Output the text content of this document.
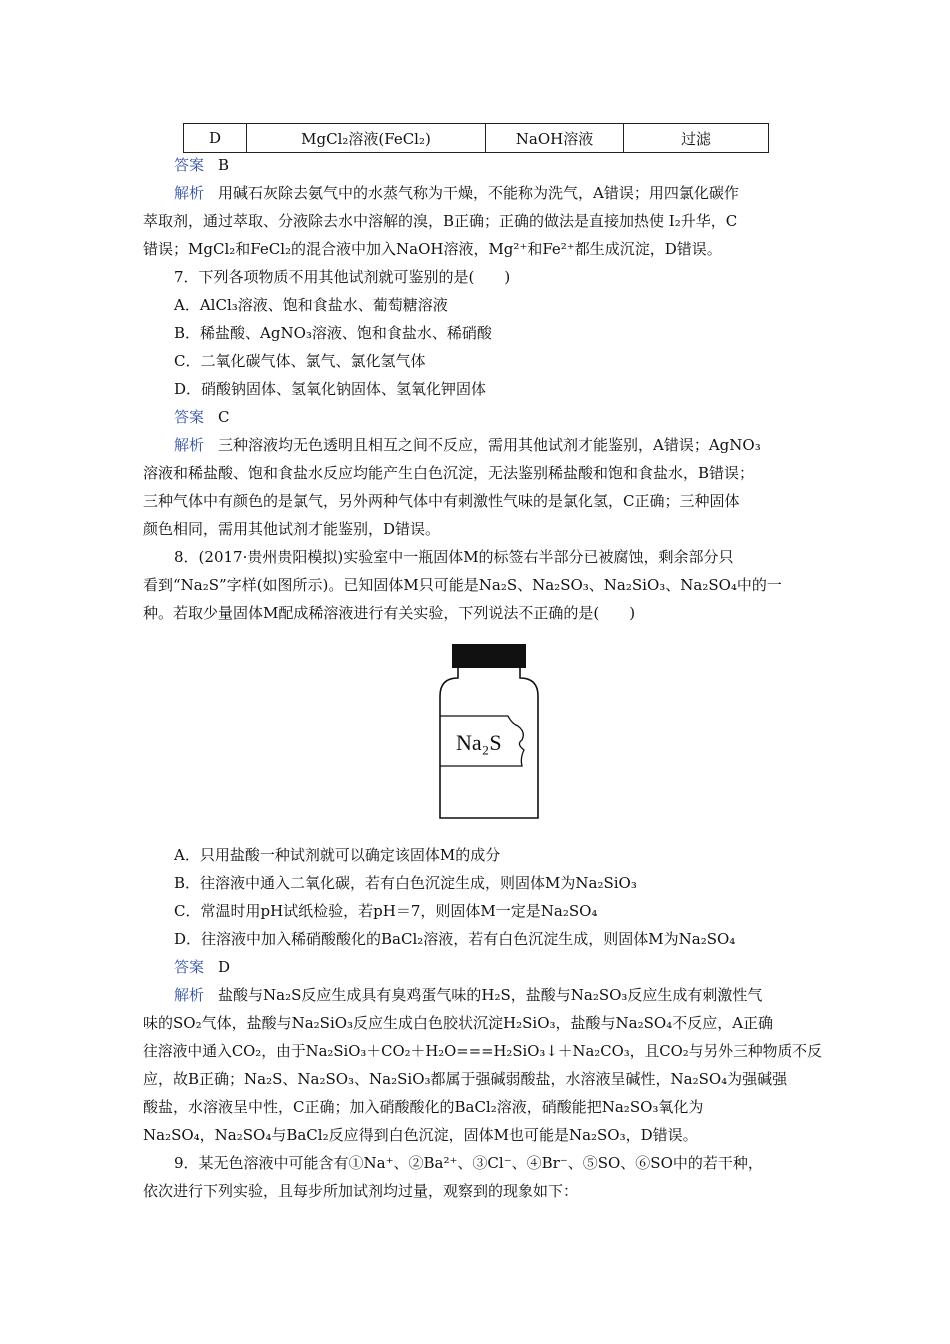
D	MgCl₂溶液(FeCl₂)	NaOH溶液	过滤
答案 B
解析 用碱石灰除去氨气中的水蒸气称为干燥，不能称为洗气，A错误；用四氯化碳作
萃取剂，通过萃取、分液除去水中溶解的溴，B正确；正确的做法是直接加热使 I₂升华，C
错误；MgCl₂和FeCl₂的混合液中加入NaOH溶液，Mg²⁺和Fe²⁺都生成沉淀，D错误。
7．下列各项物质不用其他试剂就可鉴别的是(　　)
A．AlCl₃溶液、饱和食盐水、葡萄糖溶液
B．稀盐酸、AgNO₃溶液、饱和食盐水、稀硝酸
C．二氧化碳气体、氯气、氯化氢气体
D．硝酸钠固体、氢氧化钠固体、氢氧化钾固体
答案 C
解析 三种溶液均无色透明且相互之间不反应，需用其他试剂才能鉴别，A错误；AgNO₃
溶液和稀盐酸、饱和食盐水反应均能产生白色沉淀，无法鉴别稀盐酸和饱和食盐水，B错误；
三种气体中有颜色的是氯气，另外两种气体中有刺激性气味的是氯化氢，C正确；三种固体
颜色相同，需用其他试剂才能鉴别，D错误。
8．(2017·贵州贵阳模拟)实验室中一瓶固体M的标签右半部分已被腐蚀，剩余部分只
看到“Na₂S”字样(如图所示)。已知固体M只可能是Na₂S、Na₂SO₃、Na₂SiO₃、Na₂SO₄中的一
种。若取少量固体M配成稀溶液进行有关实验，下列说法不正确的是(　　)
Na₂S
A．只用盐酸一种试剂就可以确定该固体M的成分
B．往溶液中通入二氧化碳，若有白色沉淀生成，则固体M为Na₂SiO₃
C．常温时用pH试纸检验，若pH＝7，则固体M一定是Na₂SO₄
D．往溶液中加入稀硝酸酸化的BaCl₂溶液，若有白色沉淀生成，则固体M为Na₂SO₄
答案 D
解析 盐酸与Na₂S反应生成具有臭鸡蛋气味的H₂S，盐酸与Na₂SO₃反应生成有刺激性气
味的SO₂气体，盐酸与Na₂SiO₃反应生成白色胶状沉淀H₂SiO₃，盐酸与Na₂SO₄不反应，A正确
往溶液中通入CO₂，由于Na₂SiO₃＋CO₂＋H₂O===H₂SiO₃↓＋Na₂CO₃，且CO₂与另外三种物质不反
应，故B正确；Na₂S、Na₂SO₃、Na₂SiO₃都属于强碱弱酸盐，水溶液呈碱性，Na₂SO₄为强碱强
酸盐，水溶液呈中性，C正确；加入硝酸酸化的BaCl₂溶液，硝酸能把Na₂SO₃氧化为
Na₂SO₄，Na₂SO₄与BaCl₂反应得到白色沉淀，固体M也可能是Na₂SO₃，D错误。
9．某无色溶液中可能含有①Na⁺、②Ba²⁺、③Cl⁻、④Br⁻、⑤SO、⑥SO中的若干种，
依次进行下列实验，且每步所加试剂均过量，观察到的现象如下：
